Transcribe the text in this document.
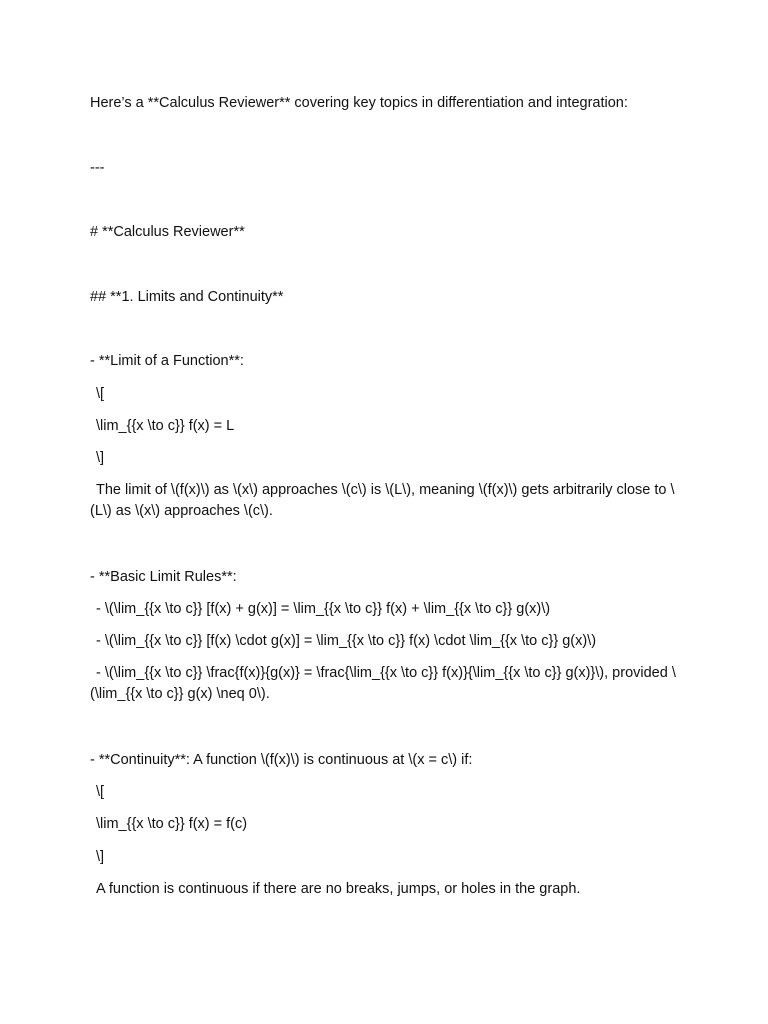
Here’s a **Calculus Reviewer** covering key topics in differentiation and integration:
---
# **Calculus Reviewer**
## **1. Limits and Continuity**
- **Limit of a Function**:
\[
\lim_{{x \to c}} f(x) = L
\]
The limit of \(f(x)\) as \(x\) approaches \(c\) is \(L\), meaning \(f(x)\) gets arbitrarily close to \(L\) as \(x\) approaches \(c\).
- **Basic Limit Rules**:
- \(\lim_{{x \to c}} [f(x) + g(x)] = \lim_{{x \to c}} f(x) + \lim_{{x \to c}} g(x)\)
- \(\lim_{{x \to c}} [f(x) \cdot g(x)] = \lim_{{x \to c}} f(x) \cdot \lim_{{x \to c}} g(x)\)
- \(\lim_{{x \to c}} \frac{f(x)}{g(x)} = \frac{\lim_{{x \to c}} f(x)}{\lim_{{x \to c}} g(x)}\), provided \(\lim_{{x \to c}} g(x) \neq 0\).
- **Continuity**: A function \(f(x)\) is continuous at \(x = c\) if:
\[
\lim_{{x \to c}} f(x) = f(c)
\]
A function is continuous if there are no breaks, jumps, or holes in the graph.
